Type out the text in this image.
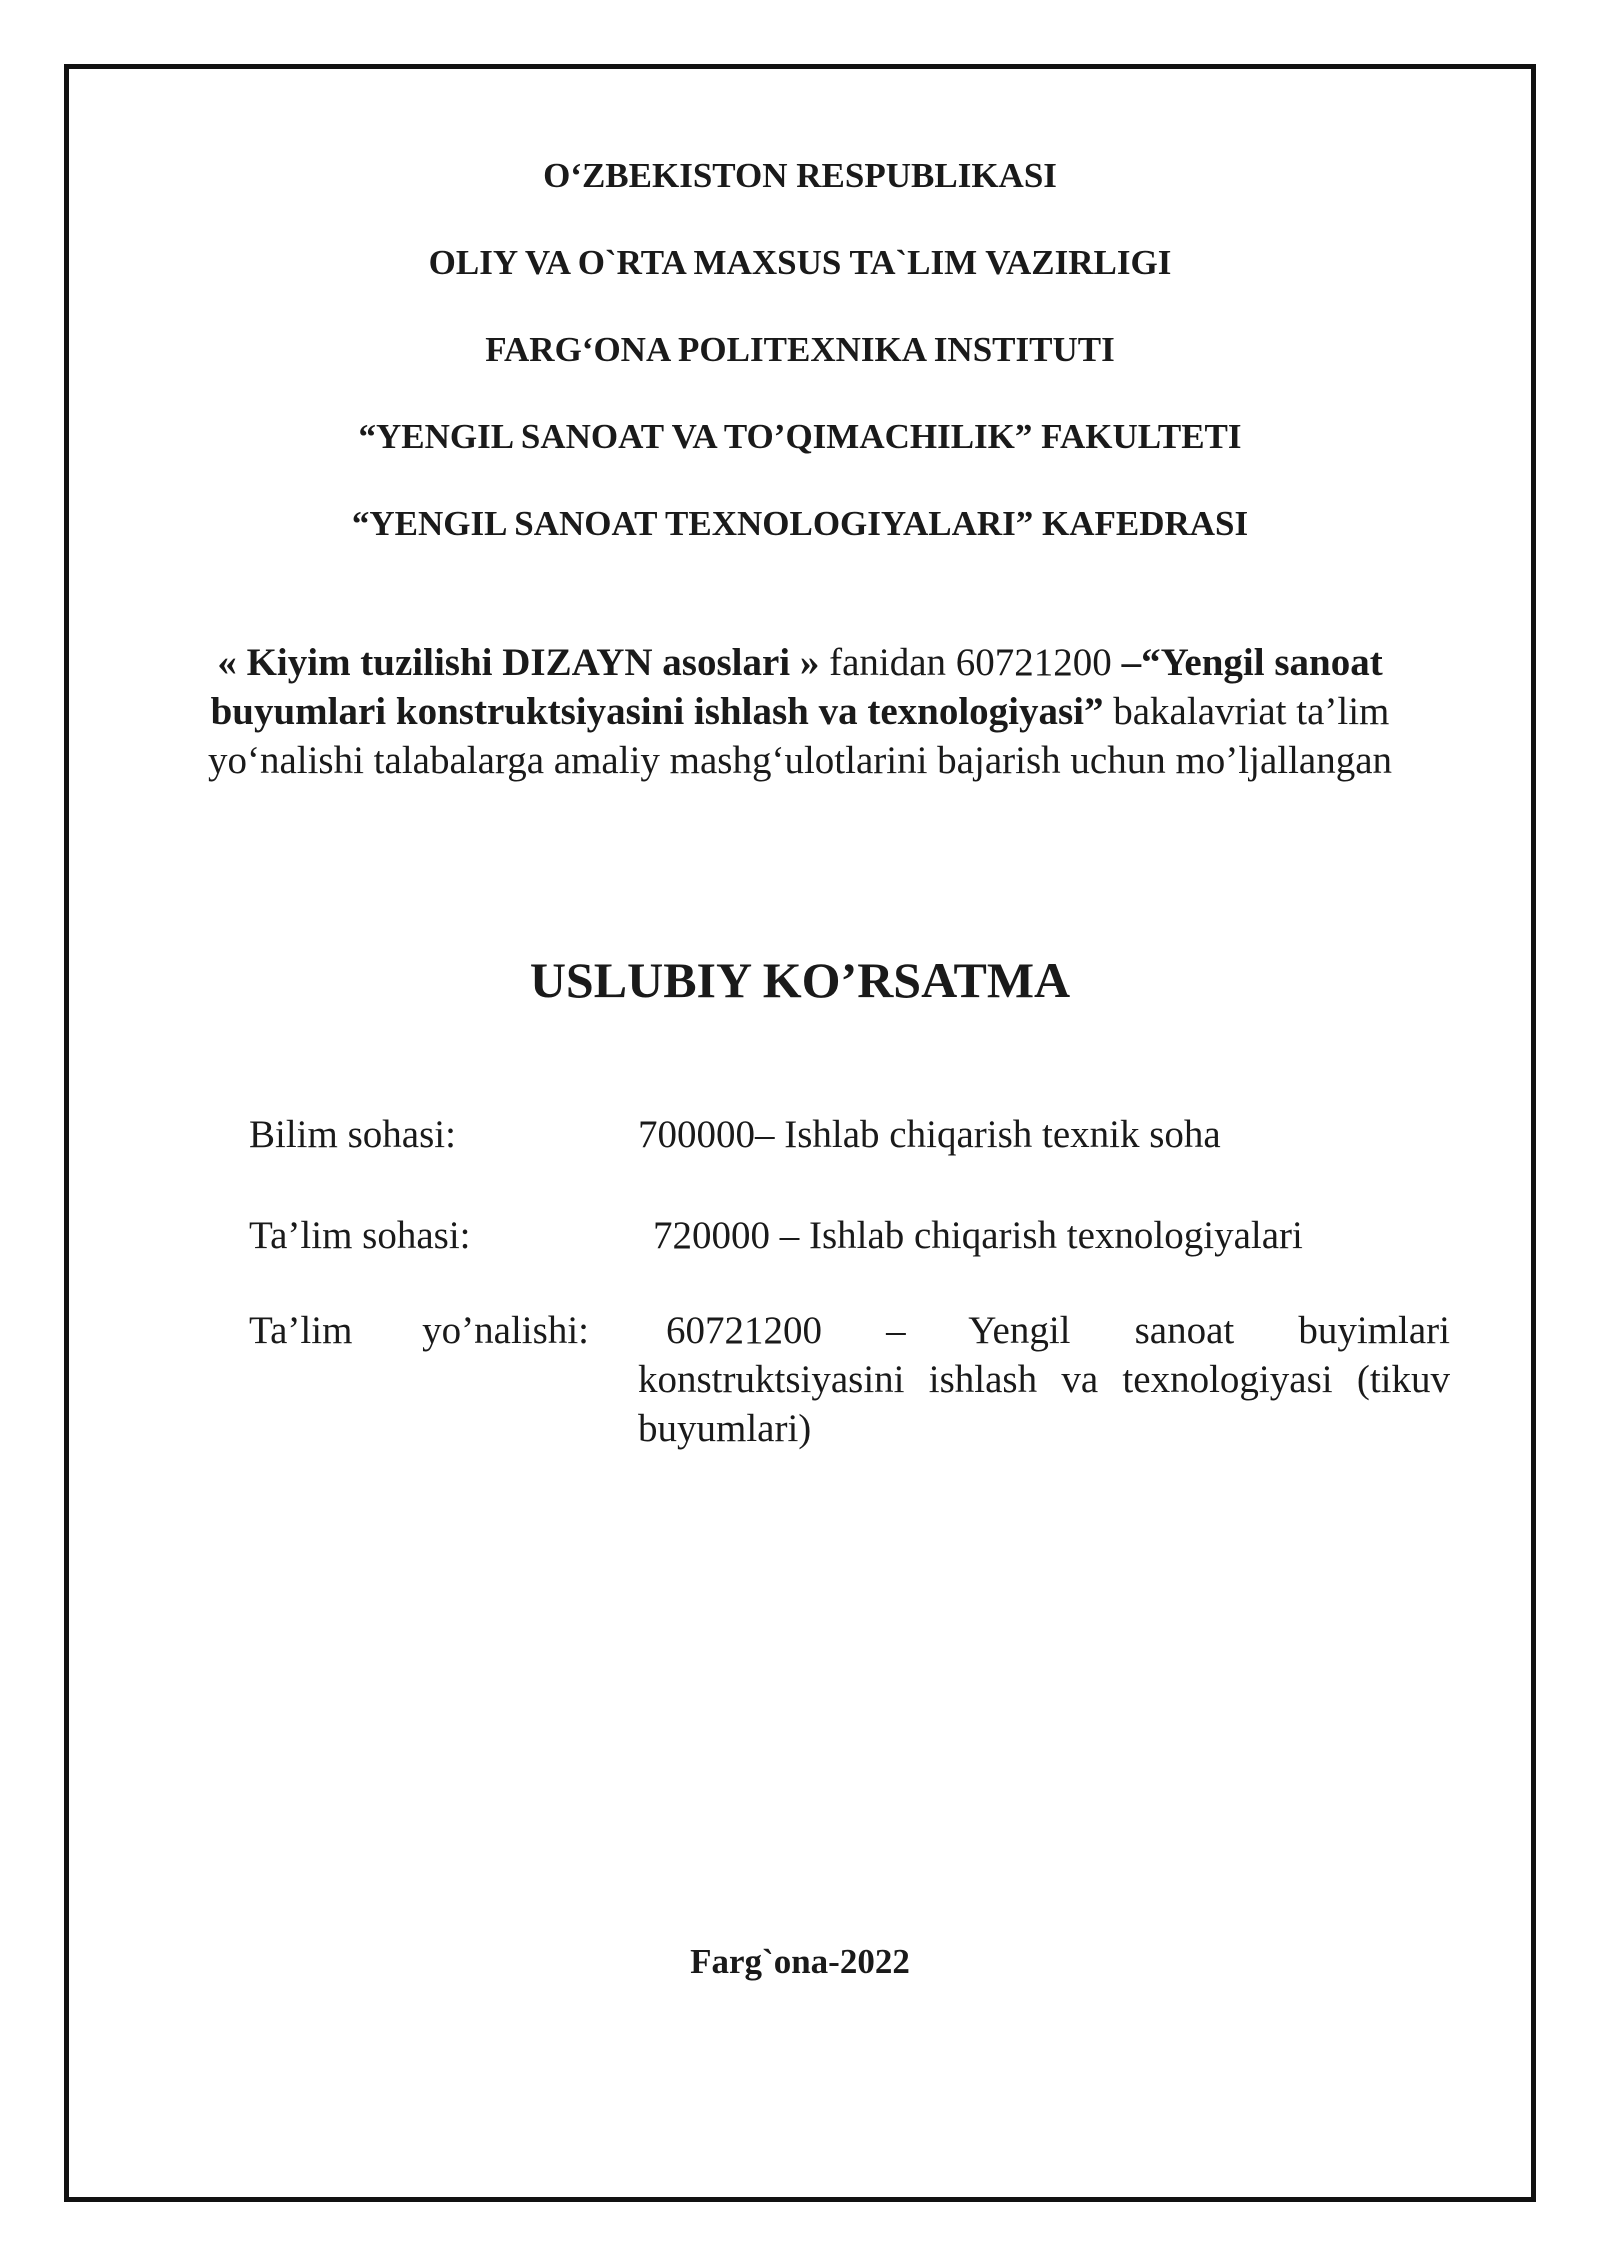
O‘ZBEKISTON RESPUBLIKASI
OLIY VA O`RTA MAXSUS TA`LIM VAZIRLIGI
FARG‘ONA POLITEXNIKA INSTITUTI
“YENGIL SANOAT VA TO’QIMACHILIK” FAKULTETI
“YENGIL SANOAT TEXNOLOGIYALARI” KAFEDRASI
« Kiyim tuzilishi DIZAYN asoslari » fanidan 60721200 –“Yengil sanoat buyumlari konstruktsiyasini ishlash va texnologiyasi” bakalavriat ta’lim yo‘nalishi talabalarga amaliy mashg‘ulotlarini bajarish uchun mo’ljallangan
USLUBIY KO’RSATMA
Bilim sohasi:	700000– Ishlab chiqarish texnik soha
Ta’lim sohasi:	720000 – Ishlab chiqarish texnologiyalari
Ta’lim yo’nalishi:	60721200 – Yengil sanoat buyimlari
konstruktsiyasini ishlash va texnologiyasi (tikuv buyumlari)
Farg`ona-2022
